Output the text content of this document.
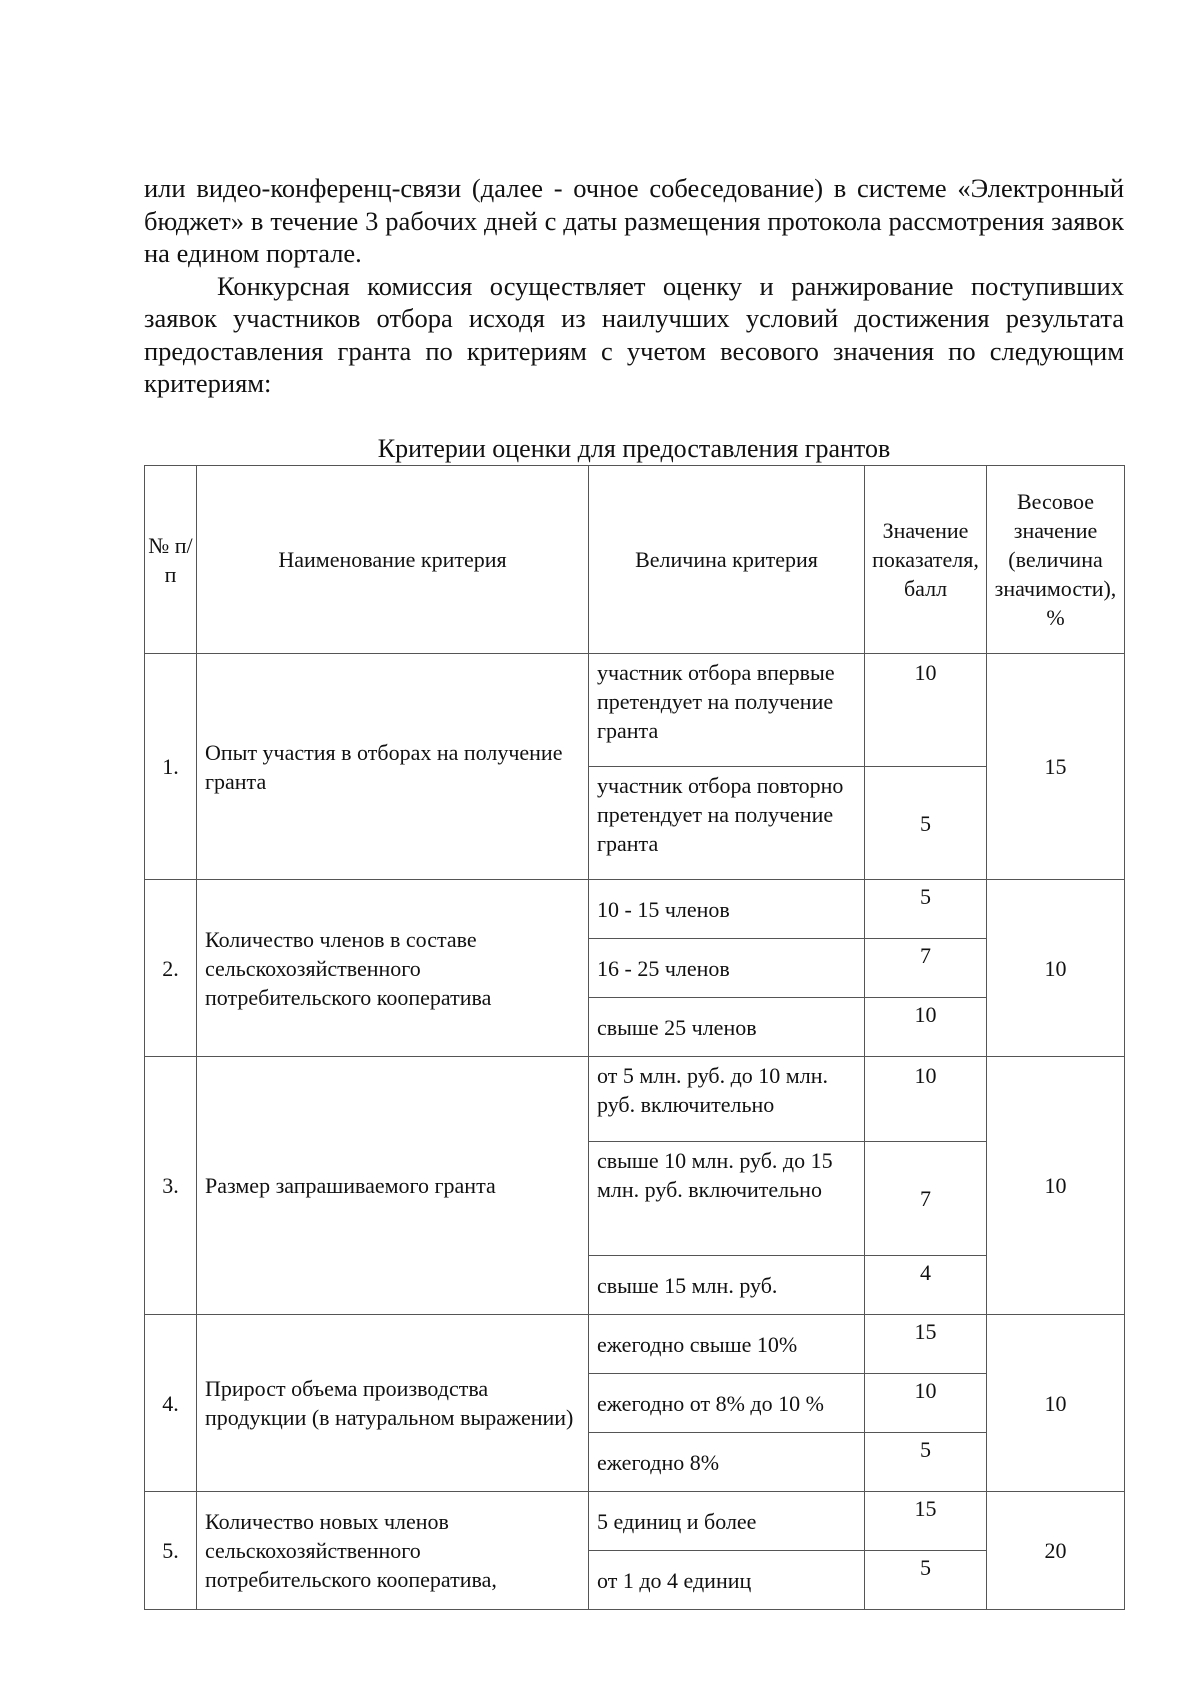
или видео-конференц-связи (далее - очное собеседование) в системе «Электронный бюджет» в течение 3 рабочих дней с даты размещения протокола рассмотрения заявок на едином портале.

Конкурсная комиссия осуществляет оценку и ранжирование поступивших заявок участников отбора исходя из наилучших условий достижения результата предоставления гранта по критериям с учетом весового значения по следующим критериям:

Критерии оценки для предоставления грантов
№ п/п	Наименование критерия	Величина критерия	Значение показателя, балл	Весовое значение (величина значимости), %
1.	Опыт участия в отборах на получение гранта	участник отбора впервые претендует на получение гранта	10	15
		участник отбора повторно претендует на получение гранта	5	
2.	Количество членов в составе сельскохозяйственного потребительского кооператива	10 - 15 членов	5	10
		16 - 25 членов	7	
		свыше 25 членов	10	
3.	Размер запрашиваемого гранта	от 5 млн. руб. до 10 млн. руб. включительно	10	10
		свыше 10 млн. руб. до 15 млн. руб. включительно	7	
		свыше 15 млн. руб.	4	
4.	Прирост объема производства продукции (в натуральном выражении)	ежегодно свыше 10%	15	10
		ежегодно от 8% до 10 %	10	
		ежегодно 8%	5	
5.	Количество новых членов сельскохозяйственного потребительского кооператива,	5 единиц и более	15	20
		от 1 до 4 единиц	5	
